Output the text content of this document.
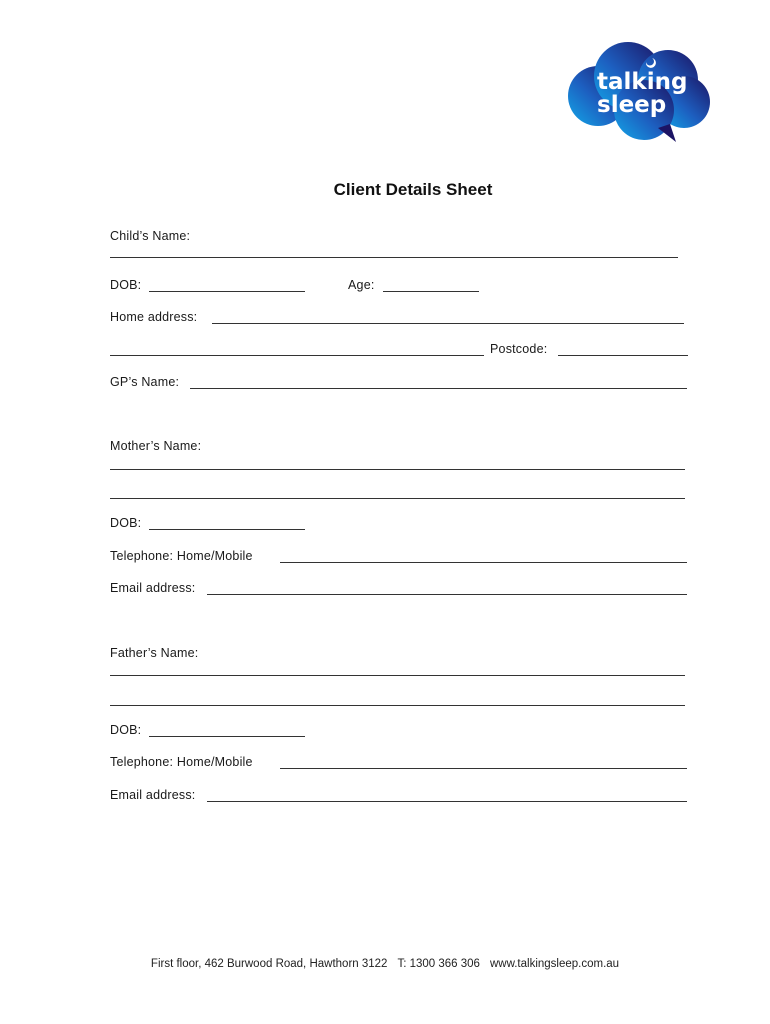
talking
sleep
Client Details Sheet
Child’s Name:
DOB:	Age:
Home address:
Postcode:
GP’s Name:
Mother’s Name:
DOB:
Telephone: Home/Mobile
Email address:
Father’s Name:
DOB:
Telephone: Home/Mobile
Email address:
First floor, 462 Burwood Road, Hawthorn 3122 T: 1300 366 306 www.talkingsleep.com.au
